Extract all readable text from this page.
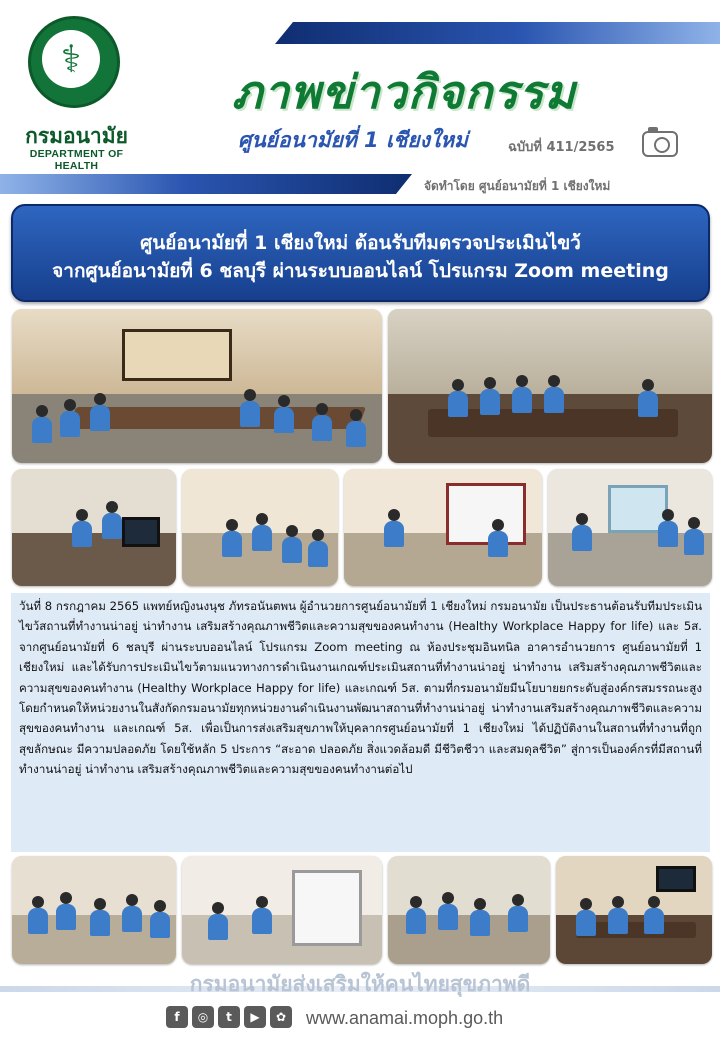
⚕
กรมอนามัย
DEPARTMENT OF HEALTH
ภาพข่าวกิจกรรม
ศูนย์อนามัยที่ 1 เชียงใหม่	ฉบับที่ 411/2565
จัดทำโดย ศูนย์อนามัยที่ 1 เชียงใหม่
ศูนย์อนามัยที่ 1 เชียงใหม่ ต้อนรับทีมตรวจประเมินไขว้
จากศูนย์อนามัยที่ 6 ชลบุรี ผ่านระบบออนไลน์ โปรแกรม Zoom meeting

วันที่ 8 กรกฎาคม 2565 แพทย์หญิงนงนุช ภัทรอนันตพน ผู้อำนวยการศูนย์อนามัยที่ 1 เชียงใหม่ กรมอนามัย เป็นประธานต้อนรับทีมประเมินไขว้สถานที่ทำงานน่าอยู่ น่าทำงาน เสริมสร้างคุณภาพชีวิตและความสุขของคนทำงาน (Healthy Workplace Happy for life) และ 5ส. จากศูนย์อนามัยที่ 6 ชลบุรี ผ่านระบบออนไลน์ โปรแกรม Zoom meeting ณ ห้องประชุมอินทนิล อาคารอำนวยการ ศูนย์อนามัยที่ 1 เชียงใหม่ และได้รับการประเมินไขว้ตามแนวทางการดำเนินงานเกณฑ์ประเมินสถานที่ทำงานน่าอยู่ น่าทำงาน เสริมสร้างคุณภาพชีวิตและความสุขของคนทำงาน (Healthy Workplace Happy for life) และเกณฑ์ 5ส. ตามที่กรมอนามัยมีนโยบายยกระดับสู่องค์กรสมรรถนะสูง โดยกำหนดให้หน่วยงานในสังกัดกรมอนามัยทุกหน่วยงานดำเนินงานพัฒนาสถานที่ทำงานน่าอยู่ น่าทำงานเสริมสร้างคุณภาพชีวิตและความสุขของคนทำงาน และเกณฑ์ 5ส. เพื่อเป็นการส่งเสริมสุขภาพให้บุคลากรศูนย์อนามัยที่ 1 เชียงใหม่ ได้ปฏิบัติงานในสถานที่ทำงานที่ถูกสุขลักษณะ มีความปลอดภัย โดยใช้หลัก 5 ประการ “สะอาด ปลอดภัย สิ่งแวดล้อมดี มีชีวิตชีวา และสมดุลชีวิต” สู่การเป็นองค์กรที่มีสถานที่ทำงานน่าอยู่ น่าทำงาน เสริมสร้างคุณภาพชีวิตและความสุขของคนทำงานต่อไป

กรมอนามัยส่งเสริมให้คนไทยสุขภาพดี
f	◎	t	▶	✿	www.anamai.moph.go.th
